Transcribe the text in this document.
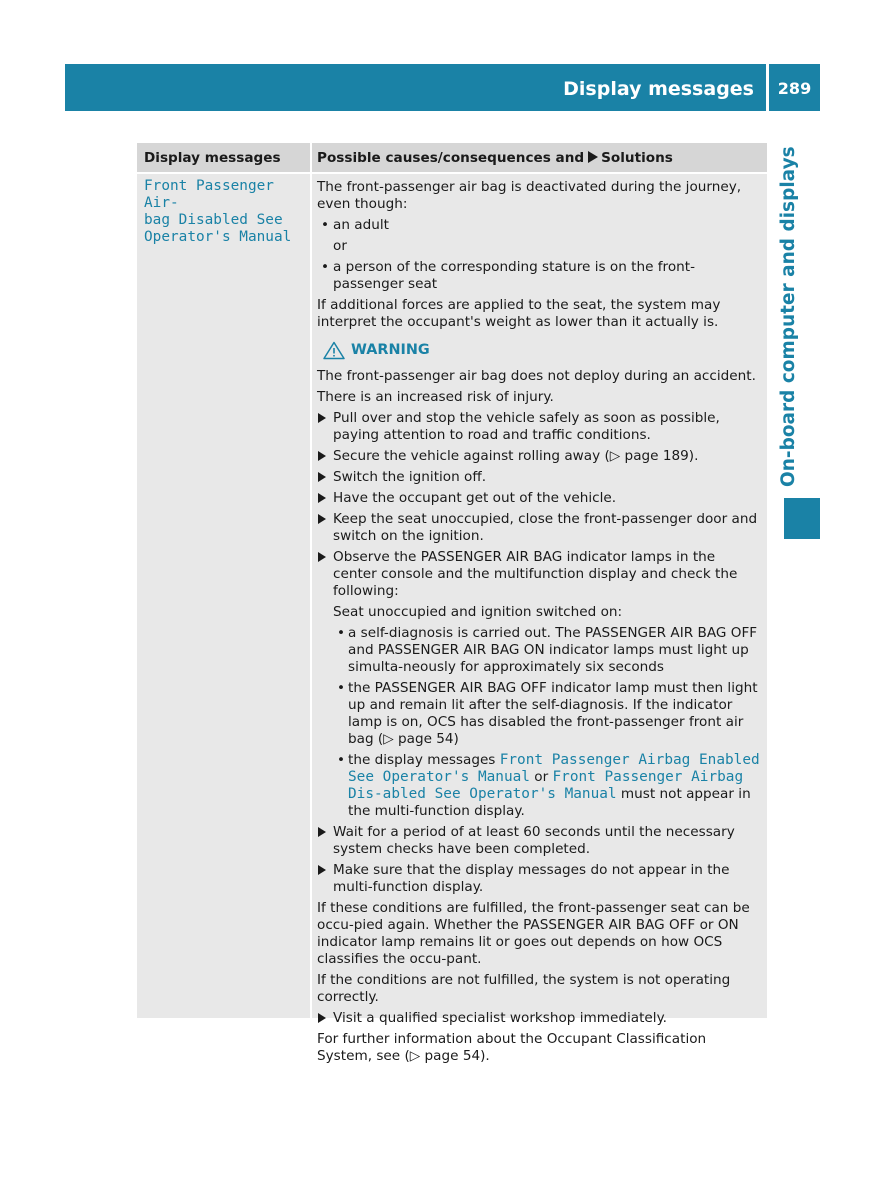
Display messages	289
On-board computer and displays
Display messages	Possible causes/consequences and Solutions
Front Passenger Air-
bag Disabled See
Operator's Manual

The front-passenger air bag is deactivated during the journey, even though:

• an adult
or
• a person of the corresponding stature is on the front-passenger seat

If additional forces are applied to the seat, the system may interpret the occupant's weight as lower than it actually is.

WARNING

The front-passenger air bag does not deploy during an accident.

There is an increased risk of injury.

Pull over and stop the vehicle safely as soon as possible, paying attention to road and traffic conditions.
Secure the vehicle against rolling away (▷ page 189).
Switch the ignition off.
Have the occupant get out of the vehicle.
Keep the seat unoccupied, close the front-passenger door and switch on the ignition.
Observe the PASSENGER AIR BAG indicator lamps in the center console and the multifunction display and check the following:
Seat unoccupied and ignition switched on:
• a self-diagnosis is carried out. The PASSENGER AIR BAG OFF and PASSENGER AIR BAG ON indicator lamps must light up simulta-neously for approximately six seconds
• the PASSENGER AIR BAG OFF indicator lamp must then light up and remain lit after the self-diagnosis. If the indicator lamp is on, OCS has disabled the front-passenger front air bag (▷ page 54)
• the display messages Front Passenger Airbag Enabled See Operator's Manual or Front Passenger Airbag Dis-abled See Operator's Manual must not appear in the multi-function display.
Wait for a period of at least 60 seconds until the necessary system checks have been completed.
Make sure that the display messages do not appear in the multi-function display.

If these conditions are fulfilled, the front-passenger seat can be occu-pied again. Whether the PASSENGER AIR BAG OFF or ON indicator lamp remains lit or goes out depends on how OCS classifies the occu-pant.

If the conditions are not fulfilled, the system is not operating correctly.

Visit a qualified specialist workshop immediately.

For further information about the Occupant Classification System, see (▷ page 54).
